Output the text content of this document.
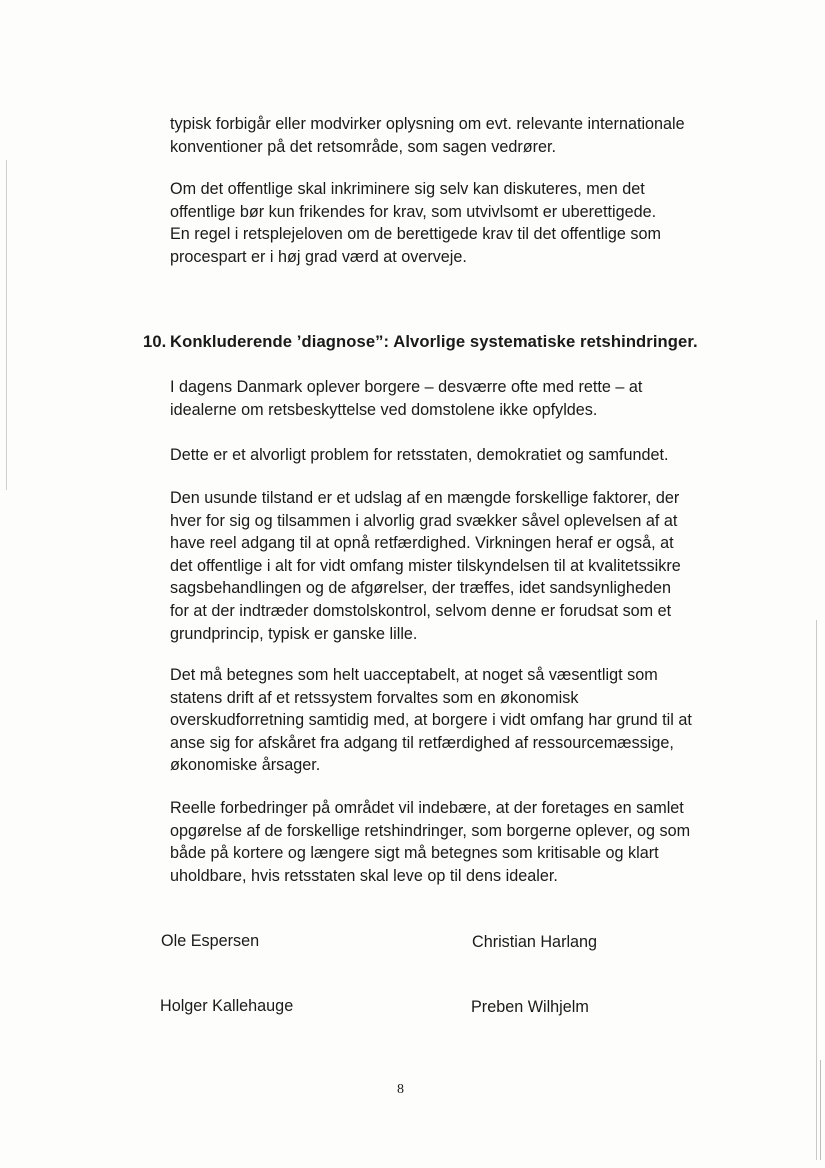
typisk forbigår eller modvirker oplysning om evt. relevante internationale
konventioner på det retsområde, som sagen vedrører.

Om det offentlige skal inkriminere sig selv kan diskuteres, men det
offentlige bør kun frikendes for krav, som utvivlsomt er uberettigede.
En regel i retsplejeloven om de berettigede krav til det offentlige som
procespart er i høj grad værd at overveje.

10. Konkluderende ’diagnose”: Alvorlige systematiske retshindringer.

I dagens Danmark oplever borgere – desværre ofte med rette – at
idealerne om retsbeskyttelse ved domstolene ikke opfyldes.

Dette er et alvorligt problem for retsstaten, demokratiet og samfundet.

Den usunde tilstand er et udslag af en mængde forskellige faktorer, der
hver for sig og tilsammen i alvorlig grad svækker såvel oplevelsen af at
have reel adgang til at opnå retfærdighed. Virkningen heraf er også, at
det offentlige i alt for vidt omfang mister tilskyndelsen til at kvalitetssikre
sagsbehandlingen og de afgørelser, der træffes, idet sandsynligheden
for at der indtræder domstolskontrol, selvom denne er forudsat som et
grundprincip, typisk er ganske lille.

Det må betegnes som helt uacceptabelt, at noget så væsentligt som
statens drift af et retssystem forvaltes som en økonomisk
overskudforretning samtidig med, at borgere i vidt omfang har grund til at
anse sig for afskåret fra adgang til retfærdighed af ressourcemæssige,
økonomiske årsager.

Reelle forbedringer på området vil indebære, at der foretages en samlet
opgørelse af de forskellige retshindringer, som borgerne oplever, og som
både på kortere og længere sigt må betegnes som kritisable og klart
uholdbare, hvis retsstaten skal leve op til dens idealer.

Ole Espersen	Christian Harlang

Holger Kallehauge	Preben Wilhjelm

8
